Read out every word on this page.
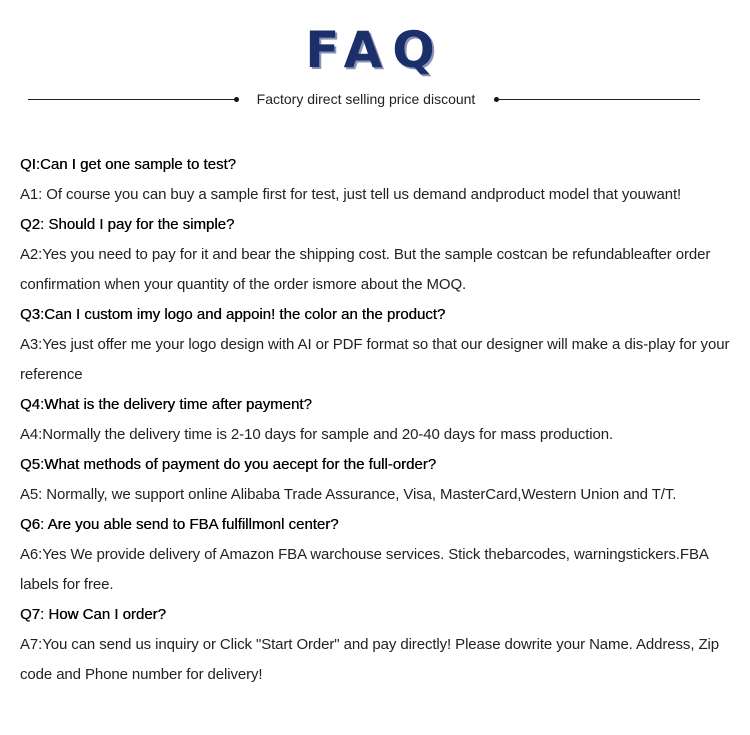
FAQ
Factory direct selling price discount
QI:Can I get one sample to test?
A1: Of course you can buy a sample first for test, just tell us demand andproduct model that youwant!
Q2: Should I pay for the simple?
A2:Yes you need to pay for it and bear the shipping cost. But the sample costcan be refundableafter order confirmation when your quantity of the order ismore about the MOQ.
Q3:Can I custom imy logo and appoin! the color an the product?
A3:Yes just offer me your logo design with AI or PDF format so that our designer will make a dis-play for your reference
Q4:What is the delivery time after payment?
A4:Normally the delivery time is 2-10 days for sample and 20-40 days for mass production.
Q5:What methods of payment do you aecept for the full-order?
A5: Normally, we support online Alibaba Trade Assurance, Visa, MasterCard,Western Union and T/T.
Q6: Are you able send to FBA fulfillmonl center?
A6:Yes We provide delivery of Amazon FBA warchouse services. Stick thebarcodes, warningstickers.FBA labels for free.
Q7: How Can I order?
A7:You can send us inquiry or Click "Start Order" and pay directly! Please dowrite your Name. Address, Zip code and Phone number for delivery!
